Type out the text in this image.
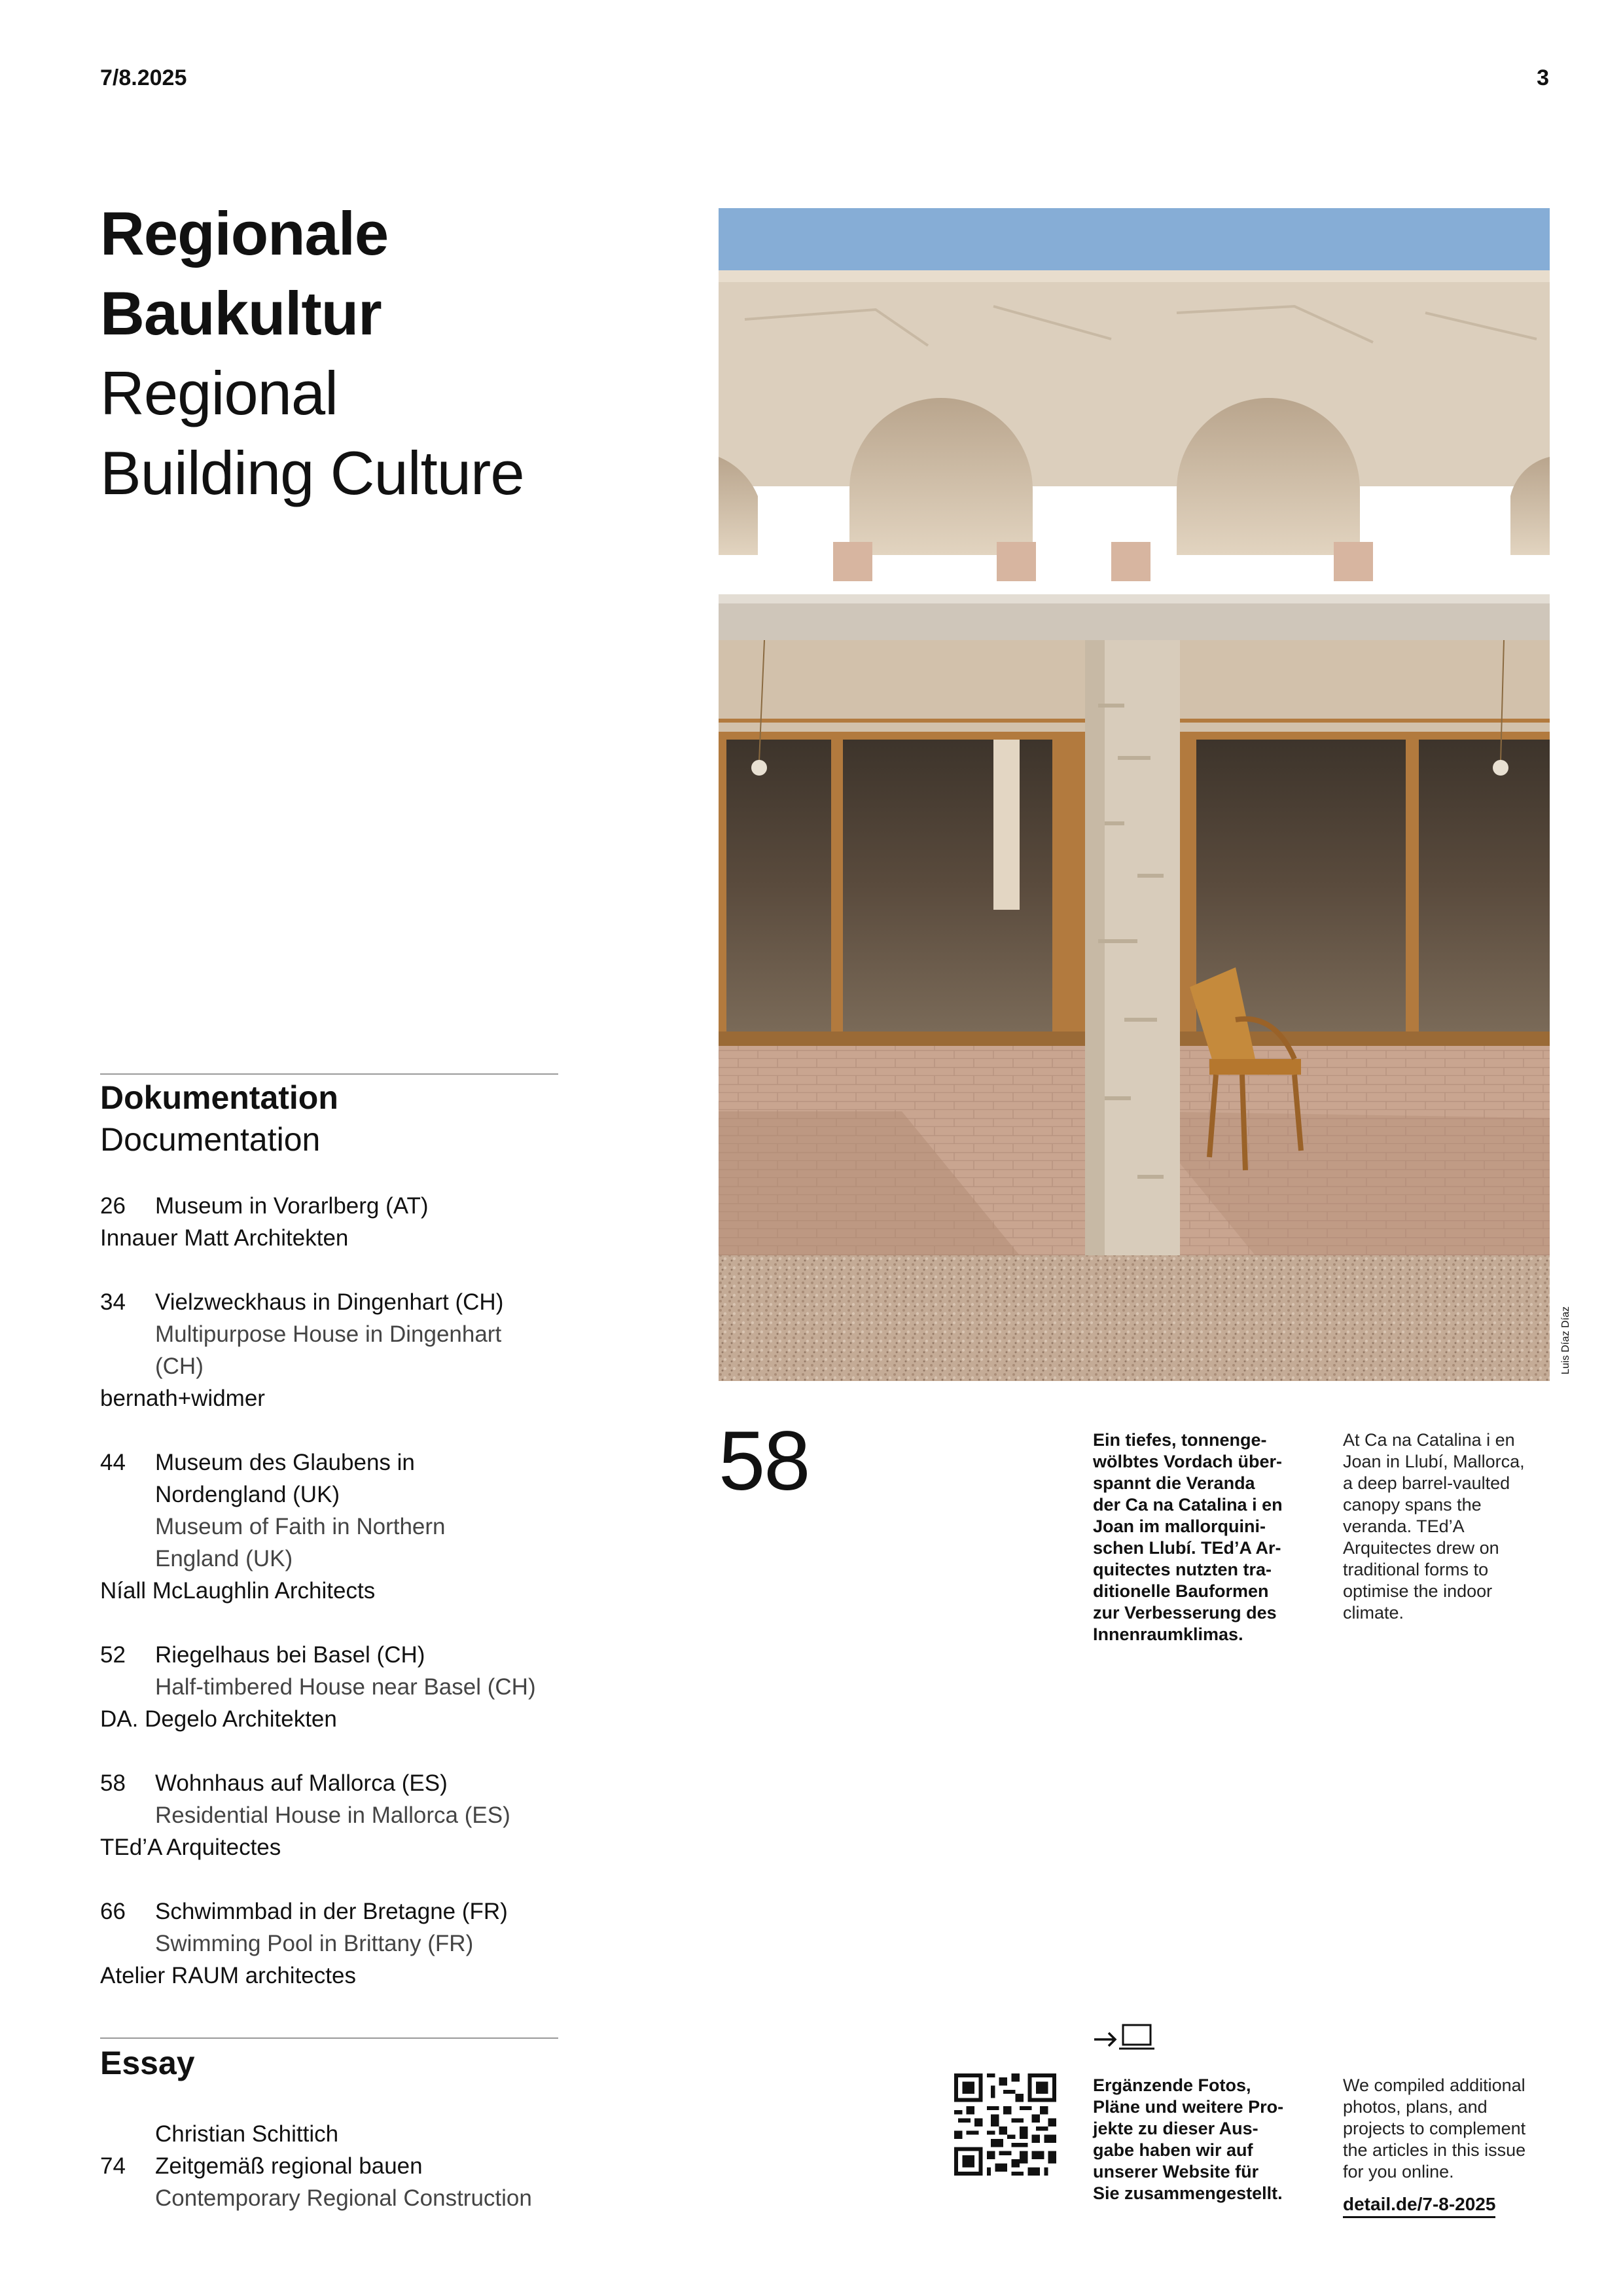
7/8.2025	3
Regionale
Baukultur
Regional
Building Culture
Dokumentation
Documentation
26	Museum in Vorarlberg (AT)
Innauer Matt Architekten
34	Vielzweckhaus in Dingenhart (CH)
Multipurpose House in Dingenhart
(CH)
bernath+widmer
44	Museum des Glaubens in
Nordengland (UK)
Museum of Faith in Northern
England (UK)
Níall McLaughlin Architects
52	Riegelhaus bei Basel (CH)
Half-timbered House near Basel (CH)
DA. Degelo Architekten
58	Wohnhaus auf Mallorca (ES)
Residential House in Mallorca (ES)
TEd’A Arquitectes
66	Schwimmbad in der Bretagne (FR)
Swimming Pool in Brittany (FR)
Atelier RAUM architectes
Essay
Christian Schittich
74	Zeitgemäß regional bauen
Contemporary Regional Construction
Luis Díaz Díaz
58	Ein tiefes, tonnenge-
wölbtes Vordach über-
spannt die Veranda
der Ca na Catalina i en
Joan im mallorquini-
schen Llubí. TEd’A Ar-
quitectes nutzten tra-
ditionelle Bauformen
zur Verbesserung des
Innenraumklimas.
At Ca na Catalina i en
Joan in Llubí, Mallorca,
a deep barrel-vaulted
canopy spans the
veranda. TEd’A
Arquitectes drew on
traditional forms to
optimise the indoor
climate.
Ergänzende Fotos,
Pläne und weitere Pro-
jekte zu dieser Aus-
gabe haben wir auf
unserer Website für
Sie zusammengestellt.
We compiled additional
photos, plans, and
projects to complement
the articles in this issue
for you online.
detail.de/7-8-2025
